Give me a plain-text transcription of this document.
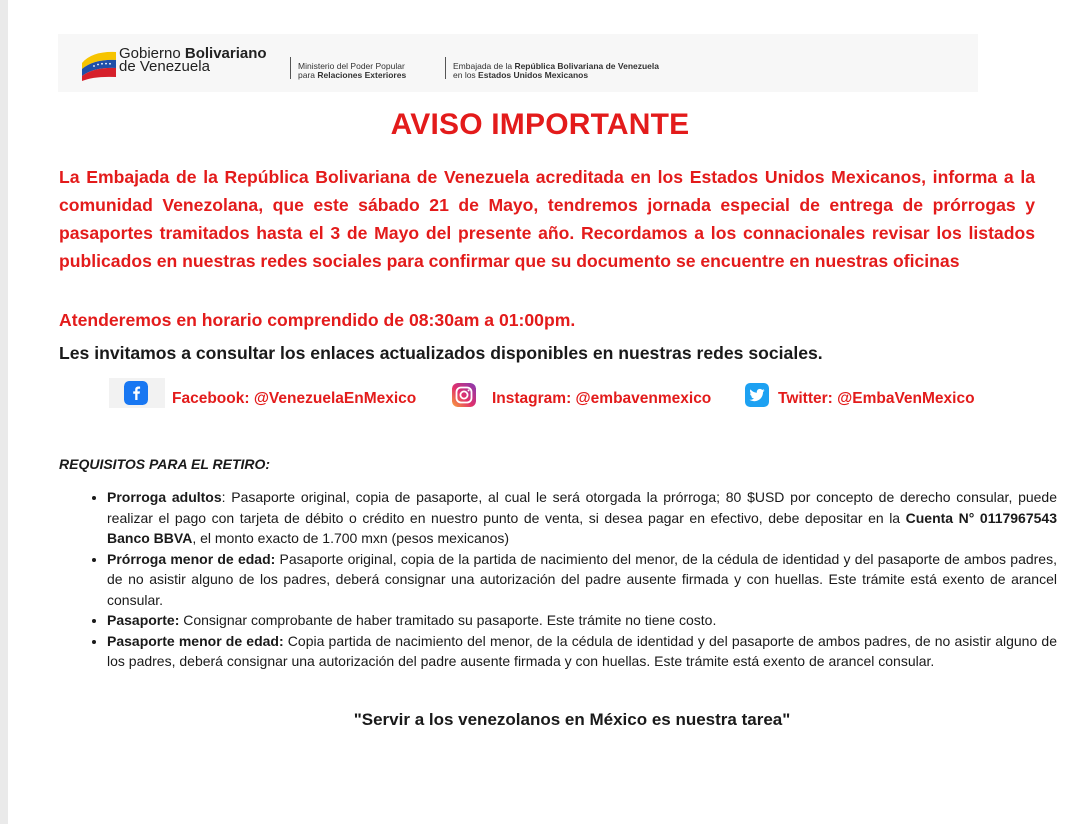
Gobierno Bolivariano
de Venezuela	Ministerio del Poder Popular
para Relaciones Exteriores
Embajada de la República Bolivariana de Venezuela
en los Estados Unidos Mexicanos
AVISO IMPORTANTE

La Embajada de la República Bolivariana de Venezuela acreditada en los Estados Unidos Mexicanos, informa a la comunidad Venezolana, que este sábado 21 de Mayo, tendremos jornada especial de entrega de prórrogas y pasaportes tramitados hasta el 3 de Mayo del presente año. Recordamos a los connacionales revisar los listados publicados en nuestras redes sociales para confirmar que su documento se encuentre en nuestras oficinas

Atenderemos en horario comprendido de 08:30am a 01:00pm.

Les invitamos a consultar los enlaces actualizados disponibles en nuestras redes sociales.

Facebook: @VenezuelaEnMexico	Instagram: @embavenmexico	Twitter: @EmbaVenMexico

REQUISITOS PARA EL RETIRO:

• Prorroga adultos: Pasaporte original, copia de pasaporte, al cual le será otorgada la prórroga; 80 $USD por concepto de derecho consular, puede realizar el pago con tarjeta de débito o crédito en nuestro punto de venta, si desea pagar en efectivo, debe depositar en la Cuenta N° 0117967543 Banco BBVA, el monto exacto de 1.700 mxn (pesos mexicanos)
• Prórroga menor de edad: Pasaporte original, copia de la partida de nacimiento del menor, de la cédula de identidad y del pasaporte de ambos padres, de no asistir alguno de los padres, deberá consignar una autorización del padre ausente firmada y con huellas. Este trámite está exento de arancel consular.
• Pasaporte: Consignar comprobante de haber tramitado su pasaporte. Este trámite no tiene costo.
• Pasaporte menor de edad: Copia partida de nacimiento del menor, de la cédula de identidad y del pasaporte de ambos padres, de no asistir alguno de los padres, deberá consignar una autorización del padre ausente firmada y con huellas. Este trámite está exento de arancel consular.
"Servir a los venezolanos en México es nuestra tarea"
